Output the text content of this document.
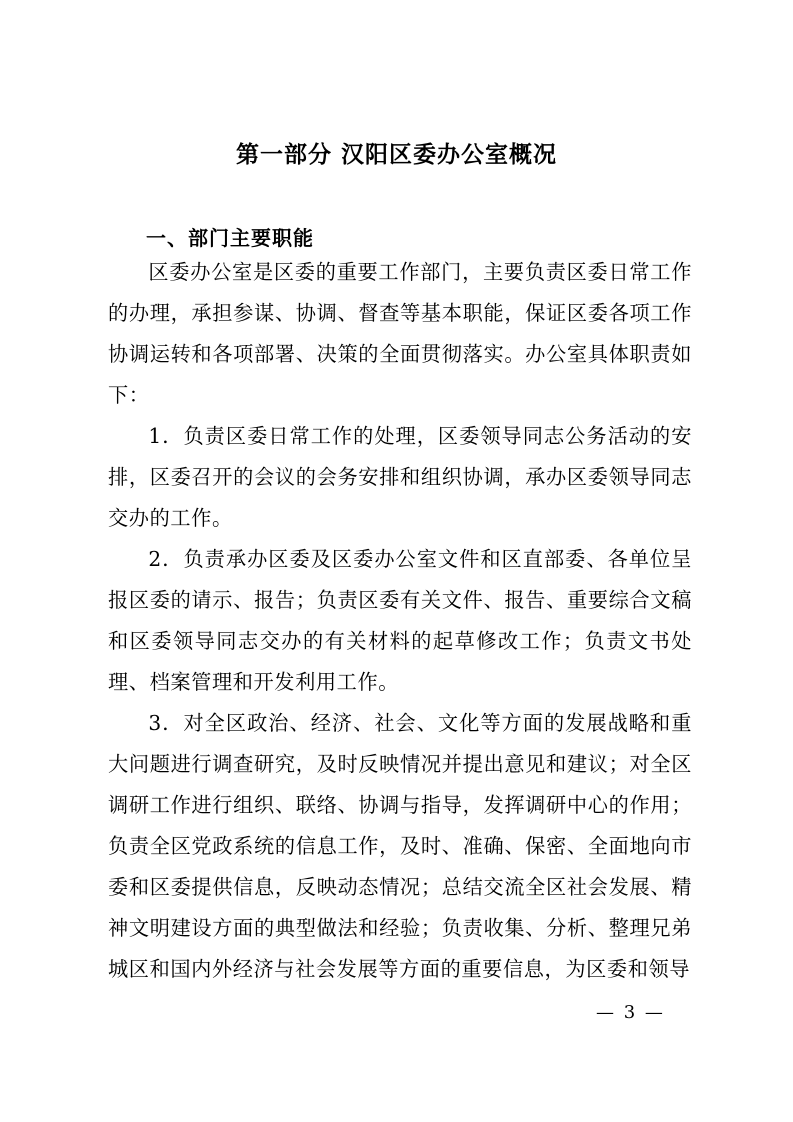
第一部分 汉阳区委办公室概况
一、部门主要职能

区委办公室是区委的重要工作部门，主要负责区委日常工作的办理，承担参谋、协调、督查等基本职能，保证区委各项工作协调运转和各项部署、决策的全面贯彻落实。办公室具体职责如下：

1．负责区委日常工作的处理，区委领导同志公务活动的安排，区委召开的会议的会务安排和组织协调，承办区委领导同志交办的工作。

2．负责承办区委及区委办公室文件和区直部委、各单位呈报区委的请示、报告；负责区委有关文件、报告、重要综合文稿和区委领导同志交办的有关材料的起草修改工作；负责文书处理、档案管理和开发利用工作。

3．对全区政治、经济、社会、文化等方面的发展战略和重大问题进行调查研究，及时反映情况并提出意见和建议；对全区调研工作进行组织、联络、协调与指导，发挥调研中心的作用；负责全区党政系统的信息工作，及时、准确、保密、全面地向市委和区委提供信息，反映动态情况；总结交流全区社会发展、精神文明建设方面的典型做法和经验；负责收集、分析、整理兄弟城区和国内外经济与社会发展等方面的重要信息，为区委和领导

— 3 —
